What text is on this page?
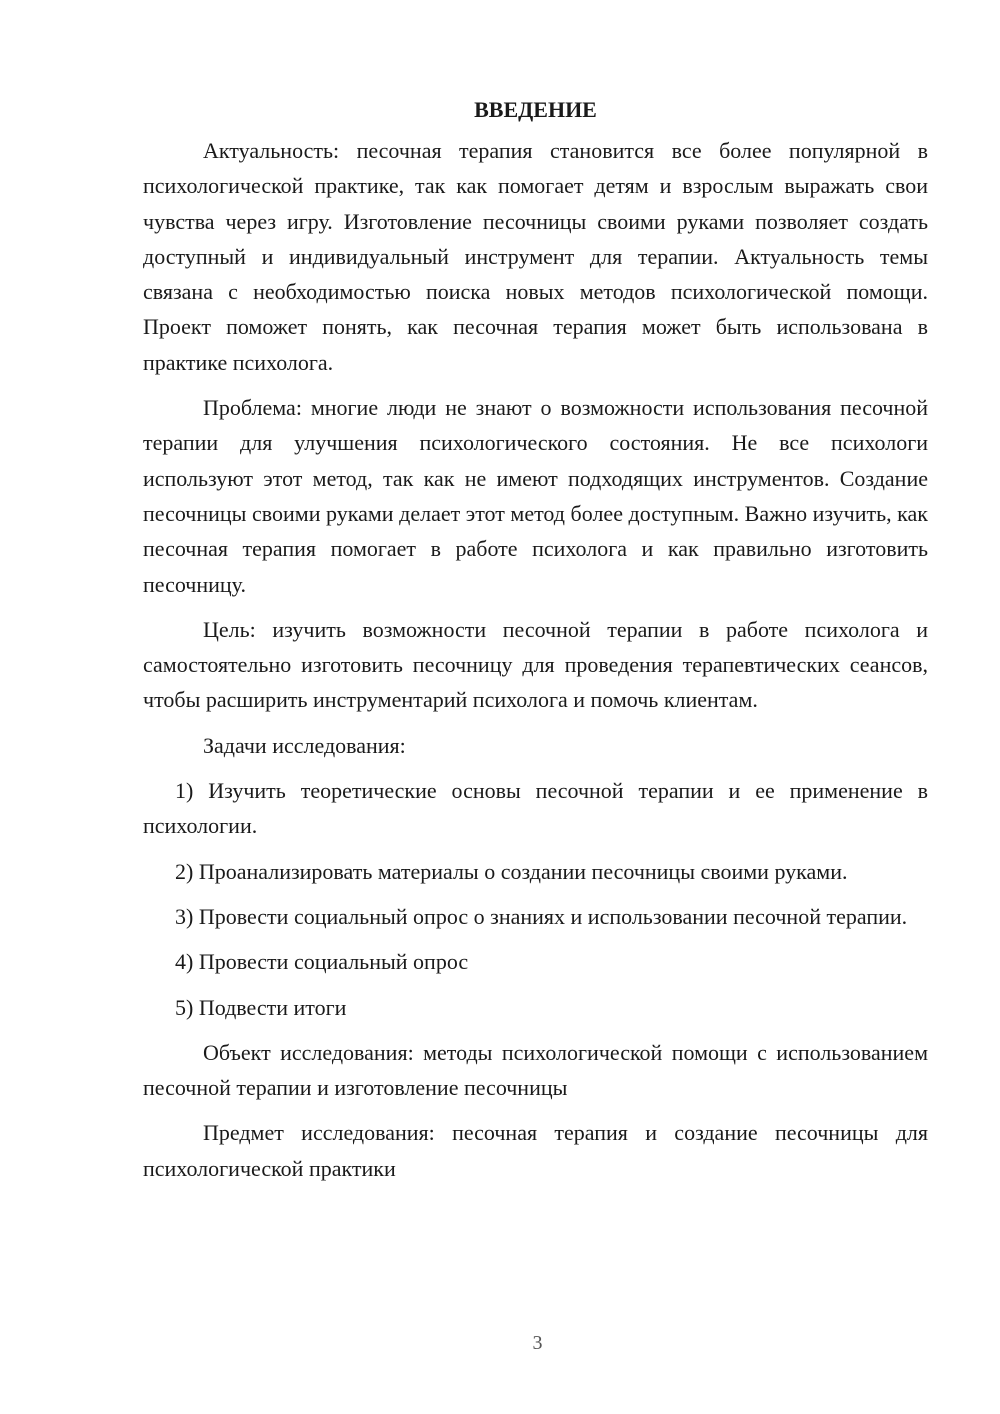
ВВЕДЕНИЕ

Актуальность: песочная терапия становится все более популярной в психологической практике, так как помогает детям и взрослым выражать свои чувства через игру. Изготовление песочницы своими руками позволяет создать доступный и индивидуальный инструмент для терапии. Актуальность темы связана с необходимостью поиска новых методов психологической помощи. Проект поможет понять, как песочная терапия может быть использована в практике психолога.

Проблема: многие люди не знают о возможности использования песочной терапии для улучшения психологического состояния. Не все психологи используют этот метод, так как не имеют подходящих инструментов. Создание песочницы своими руками делает этот метод более доступным. Важно изучить, как песочная терапия помогает в работе психолога и как правильно изготовить песочницу.

Цель: изучить возможности песочной терапии в работе психолога и самостоятельно изготовить песочницу для проведения терапевтических сеансов, чтобы расширить инструментарий психолога и помочь клиентам.

Задачи исследования:

1) Изучить теоретические основы песочной терапии и ее применение в психологии.

2) Проанализировать материалы о создании песочницы своими руками.

3) Провести социальный опрос о знаниях и использовании песочной терапии.

4) Провести социальный опрос

5) Подвести итоги

Объект исследования: методы психологической помощи с использованием песочной терапии и изготовление песочницы

Предмет исследования: песочная терапия и создание песочницы для психологической практики

3
